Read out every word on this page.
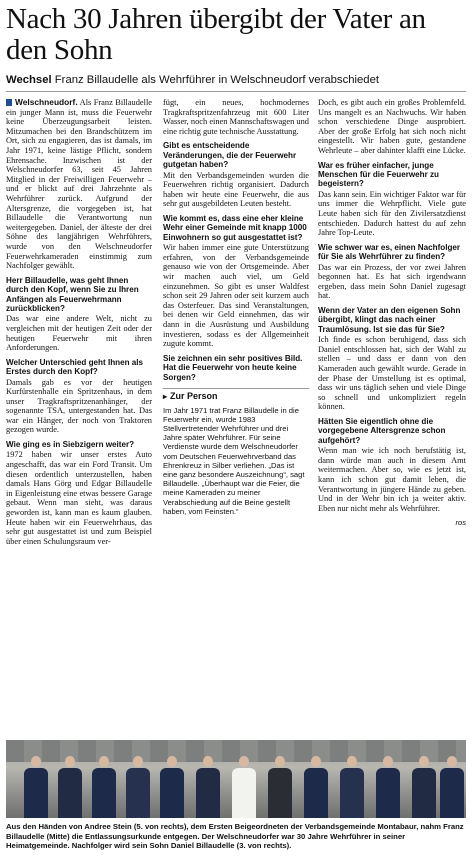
Nach 30 Jahren übergibt der Vater an den Sohn
Wechsel Franz Billaudelle als Wehrführer in Welschneudorf verabschiedet

Welschneudorf. Als Franz Billaudelle ein junger Mann ist, muss die Feuerwehr keine Überzeugungsarbeit leisten. Mitzumachen bei den Brandschützern im Ort, sich zu engagieren, das ist damals, im Jahr 1971, keine lästige Pflicht, sondern Ehrensache. Inzwischen ist der Welschneudorfer 63, seit 45 Jahren Mitglied in der Freiwilligen Feuerwehr – und er blickt auf drei Jahrzehnte als Wehrführer zurück. Aufgrund der Altersgrenze, die vorgegeben ist, hat Billaudelle die Verantwortung nun weitergegeben. Daniel, der älteste der drei Söhne des langjährigen Wehrführers, wurde von den Welschneudorfer Feuerwehrkameraden einstimmig zum Nachfolger gewählt.

Herr Billaudelle, was geht Ihnen durch den Kopf, wenn Sie zu Ihren Anfängen als Feuerwehrmann zurückblicken?

Das war eine andere Welt, nicht zu vergleichen mit der heutigen Zeit oder der heutigen Feuerwehr mit ihren Anforderungen.

Welcher Unterschied geht Ihnen als Erstes durch den Kopf?

Damals gab es vor der heutigen Kurfürstenhalle ein Spritzenhaus, in dem unser Tragkraftspritzenanhänger, der sogenannte TSA, untergestanden hat. Das war ein Hänger, der noch von Traktoren gezogen wurde.

Wie ging es in Siebzigern weiter?

1972 haben wir unser erstes Auto angeschafft, das war ein Ford Transit. Um diesen ordentlich unterzustellen, haben damals Hans Görg und Edgar Billaudelle in Eigenleistung eine etwas bessere Garage gebaut. Wenn man sieht, was daraus geworden ist, kann man es kaum glauben. Heute haben wir ein Feuerwehrhaus, das sehr gut ausgestattet ist und zum Beispiel über einen Schulungsraum ver-

fügt, ein neues, hochmodernes Tragkraftspritzenfahrzeug mit 600 Liter Wasser, noch einen Mannschaftswagen und eine richtig gute technische Ausstattung.

Gibt es entscheidende Veränderungen, die der Feuerwehr gutgetan haben?

Mit den Verbandsgemeinden wurden die Feuerwehren richtig organisiert. Dadurch haben wir heute eine Feuerwehr, die aus sehr gut ausgebildeten Leuten besteht.

Wie kommt es, dass eine eher kleine Wehr einer Gemeinde mit knapp 1000 Einwohnern so gut ausgestattet ist?

Wir haben immer eine gute Unterstützung erfahren, von der Verbandsgemeinde genauso wie von der Ortsgemeinde. Aber wir machen auch viel, um Geld einzunehmen. So gibt es unser Waldfest schon seit 29 Jahren oder seit kurzem auch das Osterfeuer. Das sind Veranstaltungen, bei denen wir Geld einnehmen, das wir dann in die Ausrüstung und Ausbildung investieren, sodass es der Allgemeinheit zugute kommt.

Sie zeichnen ein sehr positives Bild. Hat die Feuerwehr von heute keine Sorgen?

▸ Zur Person

Im Jahr 1971 trat Franz Billaudelle in die Feuerwehr ein, wurde 1983 Stellvertretender Wehrführer und drei Jahre später Wehrführer. Für seine Verdienste wurde dem Welschneudorfer vom Deutschen Feuerwehrverband das Ehrenkreuz in Silber verliehen. „Das ist eine ganz besondere Auszeichnung“, sagt Billaudelle. „Überhaupt war die Feier, die meine Kameraden zu meiner Verabschiedung auf die Beine gestellt haben, vom Feinsten.“

Doch, es gibt auch ein großes Problemfeld. Uns mangelt es an Nachwuchs. Wir haben schon verschiedene Dinge ausprobiert. Aber der große Erfolg hat sich noch nicht eingestellt. Wir haben gute, gestandene Wehrleute – aber dahinter klafft eine Lücke.

War es früher einfacher, junge Menschen für die Feuerwehr zu begeistern?

Das kann sein. Ein wichtiger Faktor war für uns immer die Wehrpflicht. Viele gute Leute haben sich für den Zivilersatzdienst entschieden. Dadurch hattest du auf zehn Jahre Top-Leute.

Wie schwer war es, einen Nachfolger für Sie als Wehrführer zu finden?

Das war ein Prozess, der vor zwei Jahren begonnen hat. Es hat sich irgendwann ergeben, dass mein Sohn Daniel zugesagt hat.

Wenn der Vater an den eigenen Sohn übergibt, klingt das nach einer Traumlösung. Ist sie das für Sie?

Ich finde es schon beruhigend, dass sich Daniel entschlossen hat, sich der Wahl zu stellen – und dass er dann von den Kameraden auch gewählt wurde. Gerade in der Phase der Umstellung ist es optimal, dass wir uns täglich sehen und viele Dinge so schnell und unkompliziert regeln können.

Hätten Sie eigentlich ohne die vorgegebene Altersgrenze schon aufgehört?

Wenn man wie ich noch berufstätig ist, dann würde man auch in diesem Amt weitermachen. Aber so, wie es jetzt ist, kann ich schon gut damit leben, die Verantwortung in jüngere Hände zu geben. Und in der Wehr bin ich ja weiter aktiv. Eben nur nicht mehr als Wehrführer.

ros

Aus den Händen von Andree Stein (5. von rechts), dem Ersten Beigeordneten der Verbandsgemeinde Montabaur, nahm Franz Billaudelle (Mitte) die Entlassungsurkunde entgegen. Der Welschneudorfer war 30 Jahre Wehrführer in seiner Heimatgemeinde. Nachfolger wird sein Sohn Daniel Billaudelle (3. von rechts).
